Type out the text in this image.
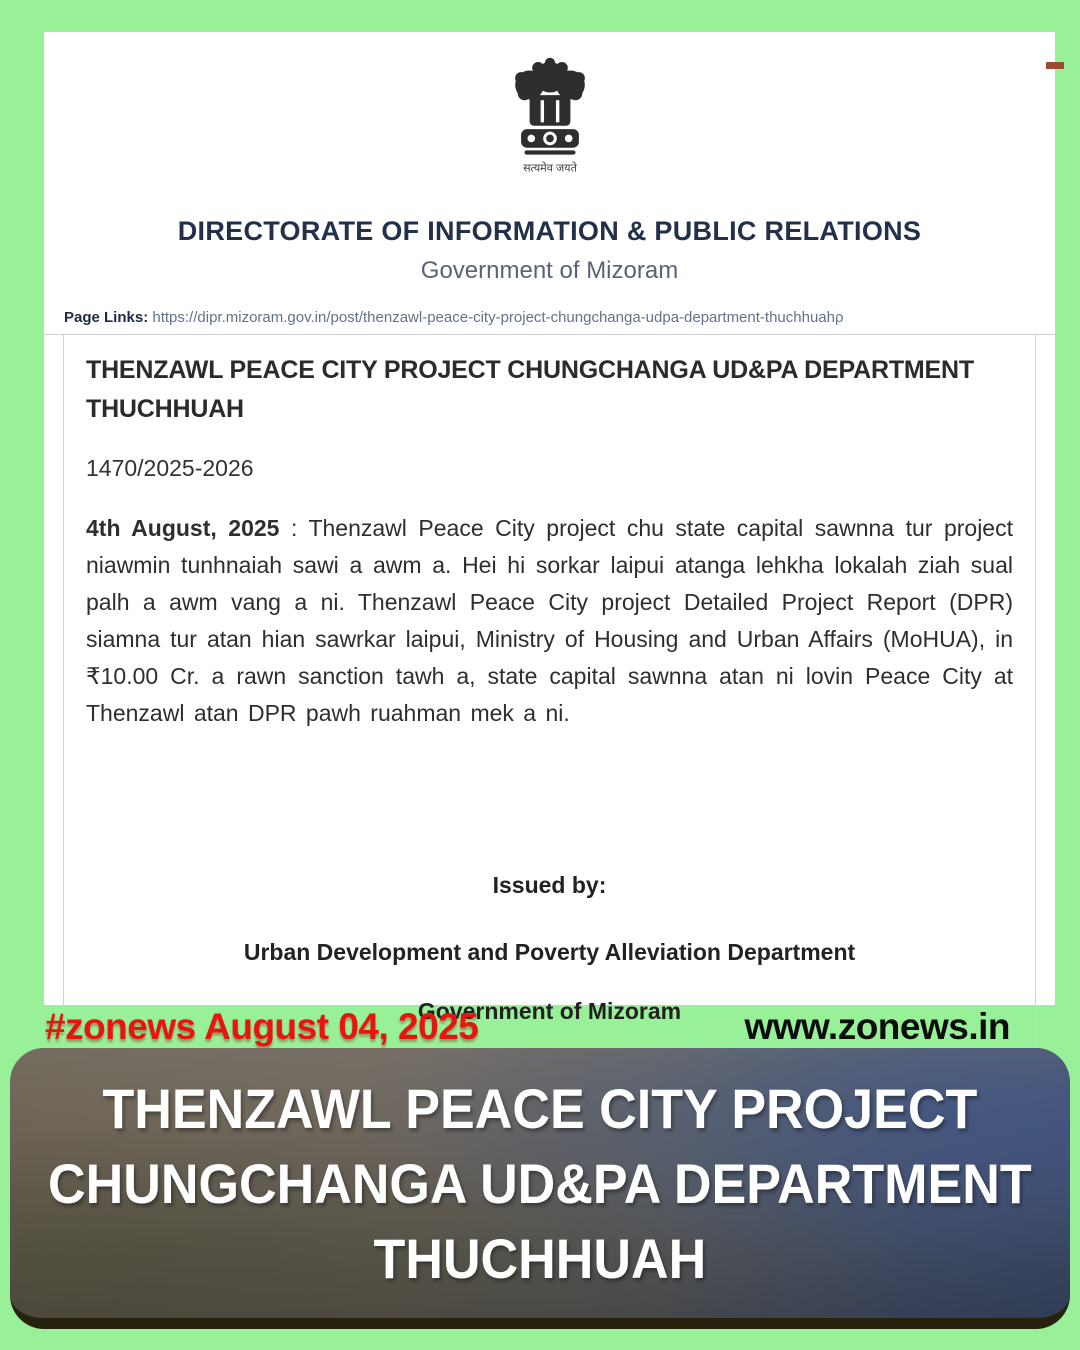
सत्यमेव जयते
DIRECTORATE OF INFORMATION & PUBLIC RELATIONS
Government of Mizoram
Page Links: https://dipr.mizoram.gov.in/post/thenzawl-peace-city-project-chungchanga-udpa-department-thuchhuahρ
THENZAWL PEACE CITY PROJECT CHUNGCHANGA UD&PA DEPARTMENT THUCHHUAH
1470/2025-2026
4th August, 2025 : Thenzawl Peace City project chu state capital sawnna tur project niawmin tunhnaiah sawi a awm a. Hei hi sorkar laipui atanga lehkha lokalah ziah sual palh a awm vang a ni. Thenzawl Peace City project Detailed Project Report (DPR) siamna tur atan hian sawrkar laipui, Ministry of Housing and Urban Affairs (MoHUA), in ₹10.00 Cr. a rawn sanction tawh a, state capital sawnna atan ni lovin Peace City at Thenzawl atan DPR pawh ruahman mek a ni.
Issued by:
Urban Development and Poverty Alleviation Department
Government of Mizoram
#zonews August 04, 2025	www.zonews.in
THENZAWL PEACE CITY PROJECT
CHUNGCHANGA UD&PA DEPARTMENT
THUCHHUAH
